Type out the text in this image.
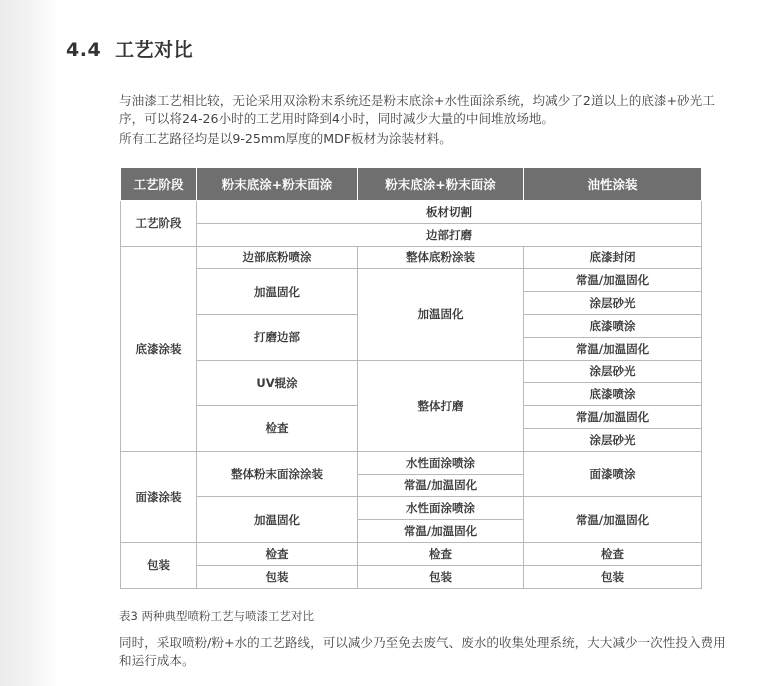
4.4 工艺对比
与油漆工艺相比较，无论采用双涂粉末系统还是粉末底涂+水性面涂系统，均减少了2道以上的底漆+砂光工序，可以将24-26小时的工艺用时降到4小时，同时减少大量的中间堆放场地。
所有工艺路径均是以9-25mm厚度的MDF板材为涂装材料。
工艺阶段	粉末底涂+粉末面涂	粉末底涂+粉末面涂	油性涂装
工艺阶段	板材切割		
	边部打磨		
底漆涂装	边部底粉喷涂	整体底粉涂装	底漆封闭
	加温固化	加温固化	常温/加温固化
			涂层砂光
	打磨边部		底漆喷涂
			常温/加温固化
	UV辊涂	整体打磨	涂层砂光
			底漆喷涂
	检查		常温/加温固化
			涂层砂光
面漆涂装	整体粉末面涂涂装	水性面涂喷涂	面漆喷涂
		常温/加温固化	
	加温固化	水性面涂喷涂	常温/加温固化
		常温/加温固化	
包装	检查	检查	检查
	包装	包装	包装
表3 两种典型喷粉工艺与喷漆工艺对比
同时，采取喷粉/粉+水的工艺路线，可以减少乃至免去废气、废水的收集处理系统，大大减少一次性投入费用和运行成本。
